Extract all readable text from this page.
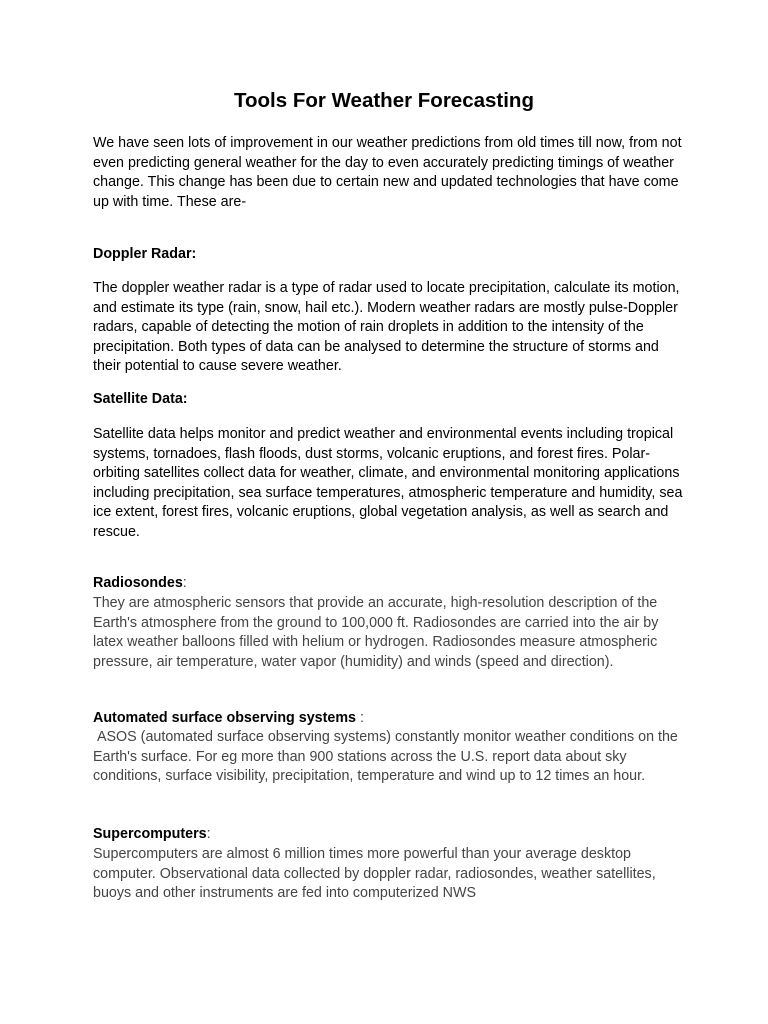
Tools For Weather Forecasting

We have seen lots of improvement in our weather predictions from old times till now, from not even predicting general weather for the day to even accurately predicting timings of weather change. This change has been due to certain new and updated technologies that have come up with time. These are-

Doppler Radar:

The doppler weather radar is a type of radar used to locate precipitation, calculate its motion, and estimate its type (rain, snow, hail etc.). Modern weather radars are mostly pulse-Doppler radars, capable of detecting the motion of rain droplets in addition to the intensity of the precipitation. Both types of data can be analysed to determine the structure of storms and their potential to cause severe weather.

Satellite Data:

Satellite data helps monitor and predict weather and environmental events including tropical systems, tornadoes, flash floods, dust storms, volcanic eruptions, and forest fires. Polar-orbiting satellites collect data for weather, climate, and environmental monitoring applications including precipitation, sea surface temperatures, atmospheric temperature and humidity, sea ice extent, forest fires, volcanic eruptions, global vegetation analysis, as well as search and rescue.

Radiosondes:

They are atmospheric sensors that provide an accurate, high-resolution description of the Earth's atmosphere from the ground to 100,000 ft. Radiosondes are carried into the air by latex weather balloons filled with helium or hydrogen. Radiosondes measure atmospheric pressure, air temperature, water vapor (humidity) and winds (speed and direction).

Automated surface observing systems :

ASOS (automated surface observing systems) constantly monitor weather conditions on the Earth's surface. For eg more than 900 stations across the U.S. report data about sky conditions, surface visibility, precipitation, temperature and wind up to 12 times an hour.

Supercomputers:

Supercomputers are almost 6 million times more powerful than your average desktop computer. Observational data collected by doppler radar, radiosondes, weather satellites, buoys and other instruments are fed into computerized NWS
